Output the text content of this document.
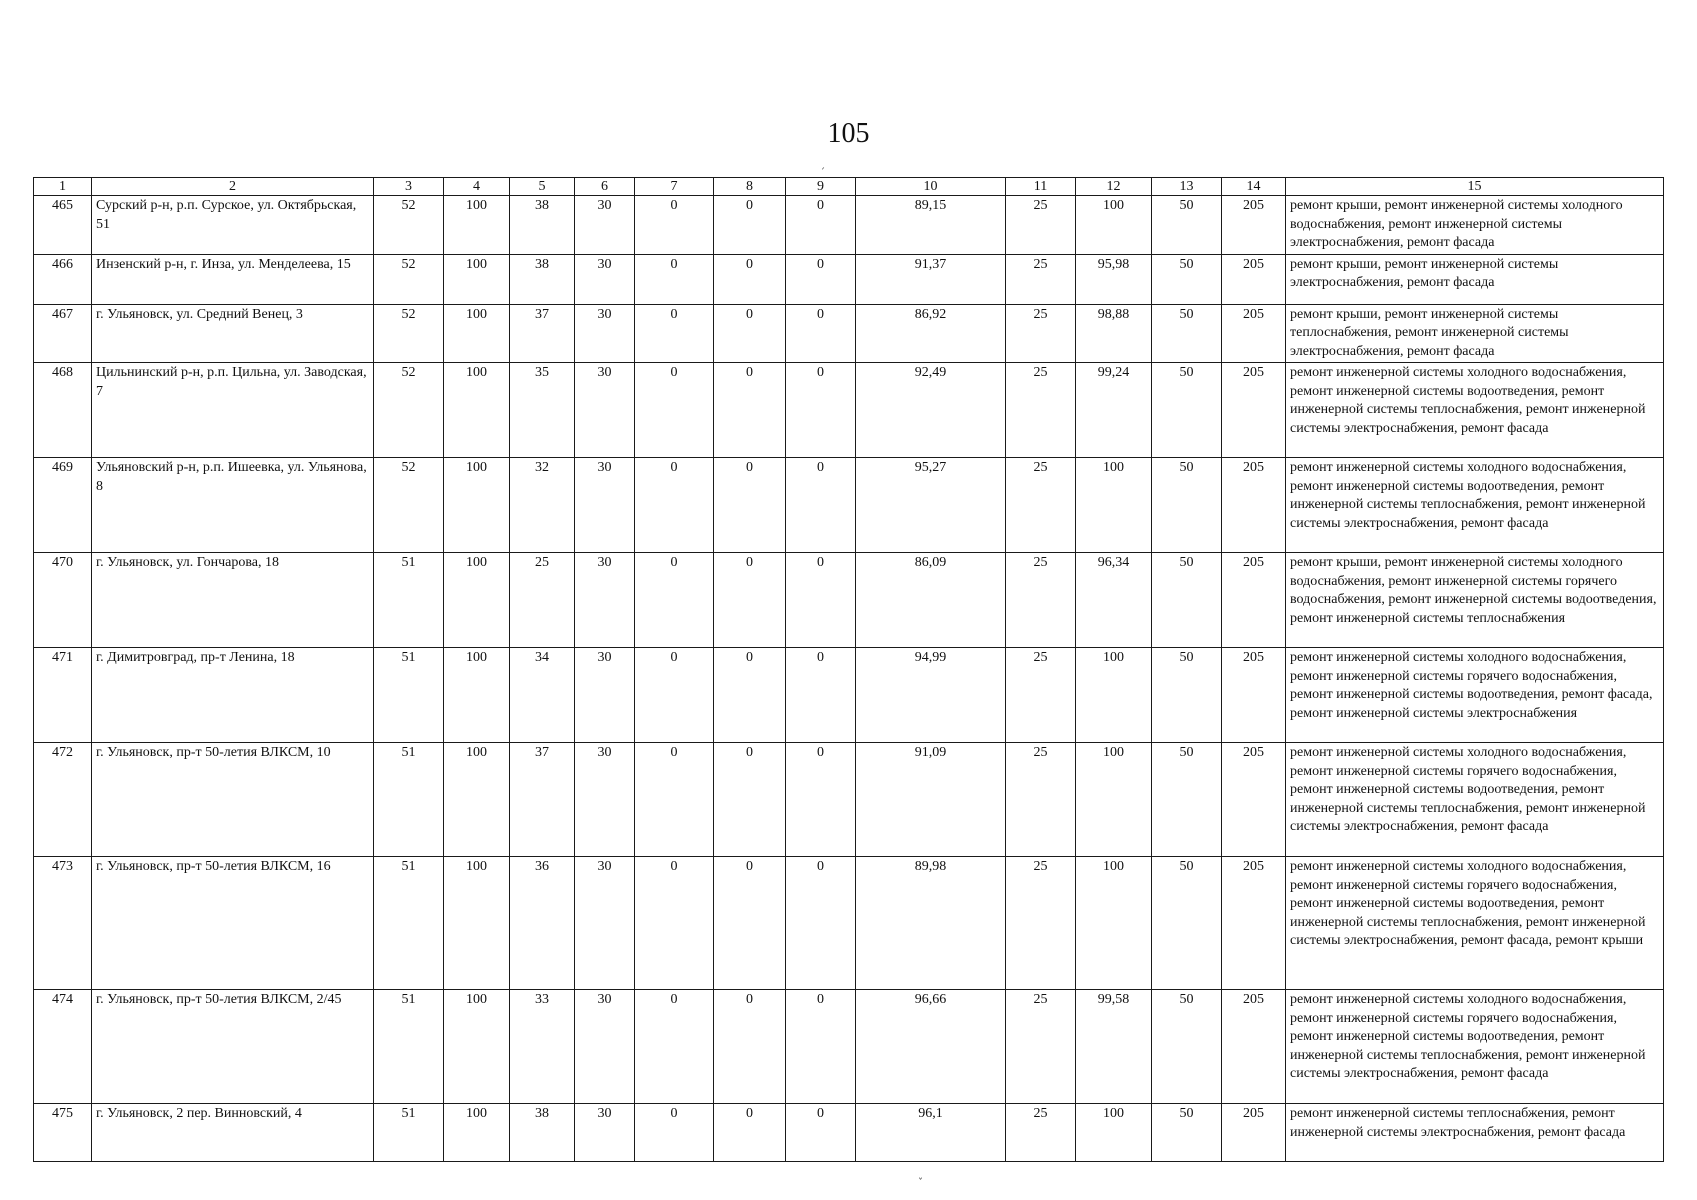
105
1	2	3	4	5	6	7	8	9	10	11	12	13	14	15
465	Сурский р-н, р.п. Сурское, ул. Октябрьская, 51	52	100	38	30	0	0	0	89,15	25	100	50	205	ремонт крыши, ремонт инженерной системы холодного водоснабжения, ремонт инженерной системы электроснабжения, ремонт фасада
466	Инзенский р-н, г. Инза, ул. Менделеева, 15	52	100	38	30	0	0	0	91,37	25	95,98	50	205	ремонт крыши, ремонт инженерной системы электроснабжения, ремонт фасада
467	г. Ульяновск, ул. Средний Венец, 3	52	100	37	30	0	0	0	86,92	25	98,88	50	205	ремонт крыши, ремонт инженерной системы теплоснабжения, ремонт инженерной системы электроснабжения, ремонт фасада
468	Цильнинский р-н, р.п. Цильна, ул. Заводская, 7	52	100	35	30	0	0	0	92,49	25	99,24	50	205	ремонт инженерной системы холодного водоснабжения, ремонт инженерной системы водоотведения, ремонт инженерной системы теплоснабжения, ремонт инженерной системы электроснабжения, ремонт фасада
469	Ульяновский р-н, р.п. Ишеевка, ул. Ульянова, 8	52	100	32	30	0	0	0	95,27	25	100	50	205	ремонт инженерной системы холодного водоснабжения, ремонт инженерной системы водоотведения, ремонт инженерной системы теплоснабжения, ремонт инженерной системы электроснабжения, ремонт фасада
470	г. Ульяновск, ул. Гончарова, 18	51	100	25	30	0	0	0	86,09	25	96,34	50	205	ремонт крыши, ремонт инженерной системы холодного водоснабжения, ремонт инженерной системы горячего водоснабжения, ремонт инженерной системы водоотведения, ремонт инженерной системы теплоснабжения
471	г. Димитровград, пр-т Ленина, 18	51	100	34	30	0	0	0	94,99	25	100	50	205	ремонт инженерной системы холодного водоснабжения, ремонт инженерной системы горячего водоснабжения, ремонт инженерной системы водоотведения, ремонт фасада, ремонт инженерной системы электроснабжения
472	г. Ульяновск, пр-т 50-летия ВЛКСМ, 10	51	100	37	30	0	0	0	91,09	25	100	50	205	ремонт инженерной системы холодного водоснабжения, ремонт инженерной системы горячего водоснабжения, ремонт инженерной системы водоотведения, ремонт инженерной системы теплоснабжения, ремонт инженерной системы электроснабжения, ремонт фасада
473	г. Ульяновск, пр-т 50-летия ВЛКСМ, 16	51	100	36	30	0	0	0	89,98	25	100	50	205	ремонт инженерной системы холодного водоснабжения, ремонт инженерной системы горячего водоснабжения, ремонт инженерной системы водоотведения, ремонт инженерной системы теплоснабжения, ремонт инженерной системы электроснабжения, ремонт фасада, ремонт крыши
474	г. Ульяновск, пр-т 50-летия ВЛКСМ, 2/45	51	100	33	30	0	0	0	96,66	25	99,58	50	205	ремонт инженерной системы холодного водоснабжения, ремонт инженерной системы горячего водоснабжения, ремонт инженерной системы водоотведения, ремонт инженерной системы теплоснабжения, ремонт инженерной системы электроснабжения, ремонт фасада
475	г. Ульяновск, 2 пер. Винновский, 4	51	100	38	30	0	0	0	96,1	25	100	50	205	ремонт инженерной системы теплоснабжения, ремонт инженерной системы электроснабжения, ремонт фасада
ˊ
ˇ
